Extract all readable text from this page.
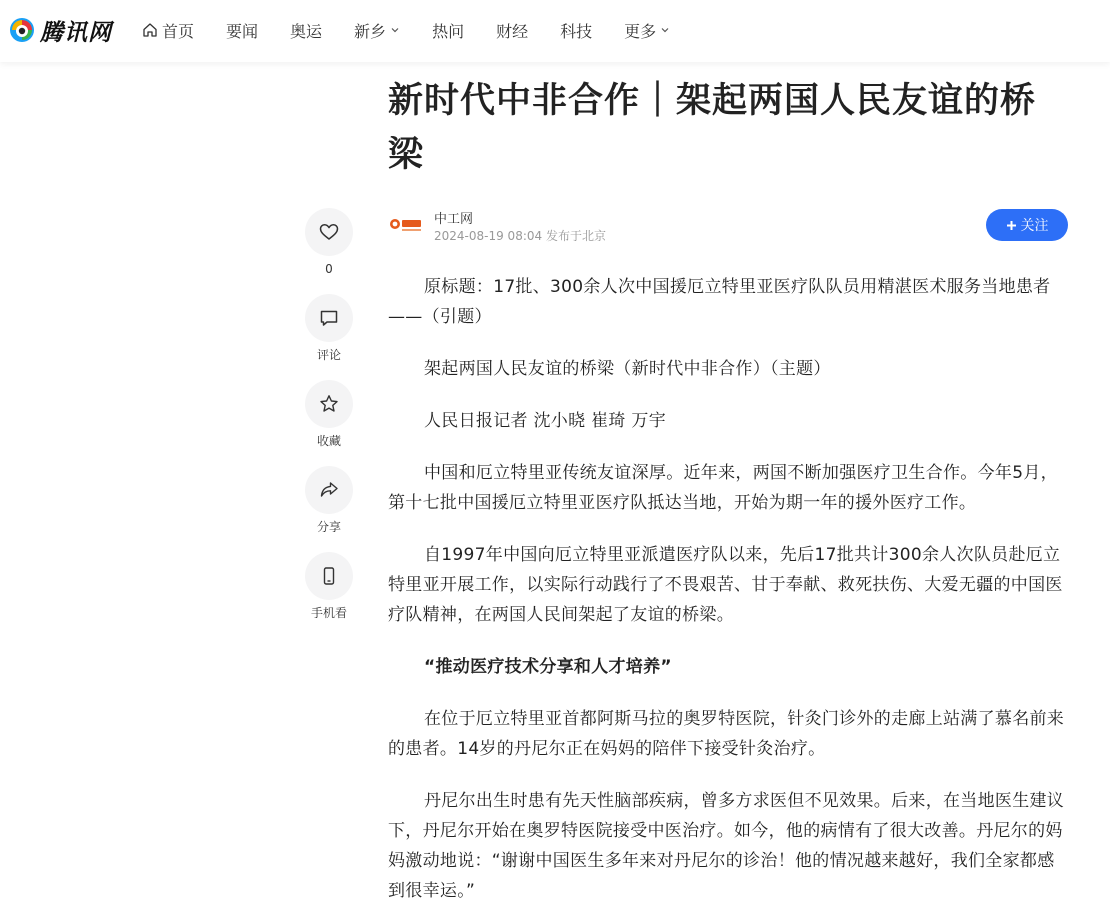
腾讯网	首页 要闻 奥运 新乡	热问 财经 科技 更多
新时代中非合作｜架起两国人民友谊的桥梁
中工网
2024-08-19 08:04 发布于北京
关注
0
评论
收藏
分享
手机看

原标题：17批、300余人次中国援厄立特里亚医疗队队员用精湛医术服务当地患者——（引题）

架起两国人民友谊的桥梁（新时代中非合作）（主题）

人民日报记者 沈小晓 崔琦 万宇

中国和厄立特里亚传统友谊深厚。近年来，两国不断加强医疗卫生合作。今年5月，第十七批中国援厄立特里亚医疗队抵达当地，开始为期一年的援外医疗工作。

自1997年中国向厄立特里亚派遣医疗队以来，先后17批共计300余人次队员赴厄立特里亚开展工作，以实际行动践行了不畏艰苦、甘于奉献、救死扶伤、大爱无疆的中国医疗队精神，在两国人民间架起了友谊的桥梁。

“推动医疗技术分享和人才培养”

在位于厄立特里亚首都阿斯马拉的奥罗特医院，针灸门诊外的走廊上站满了慕名前来的患者。14岁的丹尼尔正在妈妈的陪伴下接受针灸治疗。

丹尼尔出生时患有先天性脑部疾病，曾多方求医但不见效果。后来，在当地医生建议下，丹尼尔开始在奥罗特医院接受中医治疗。如今，他的病情有了很大改善。丹尼尔的妈妈激动地说：“谢谢中国医生多年来对丹尼尔的诊治！他的情况越来越好，我们全家都感到很幸运。”
